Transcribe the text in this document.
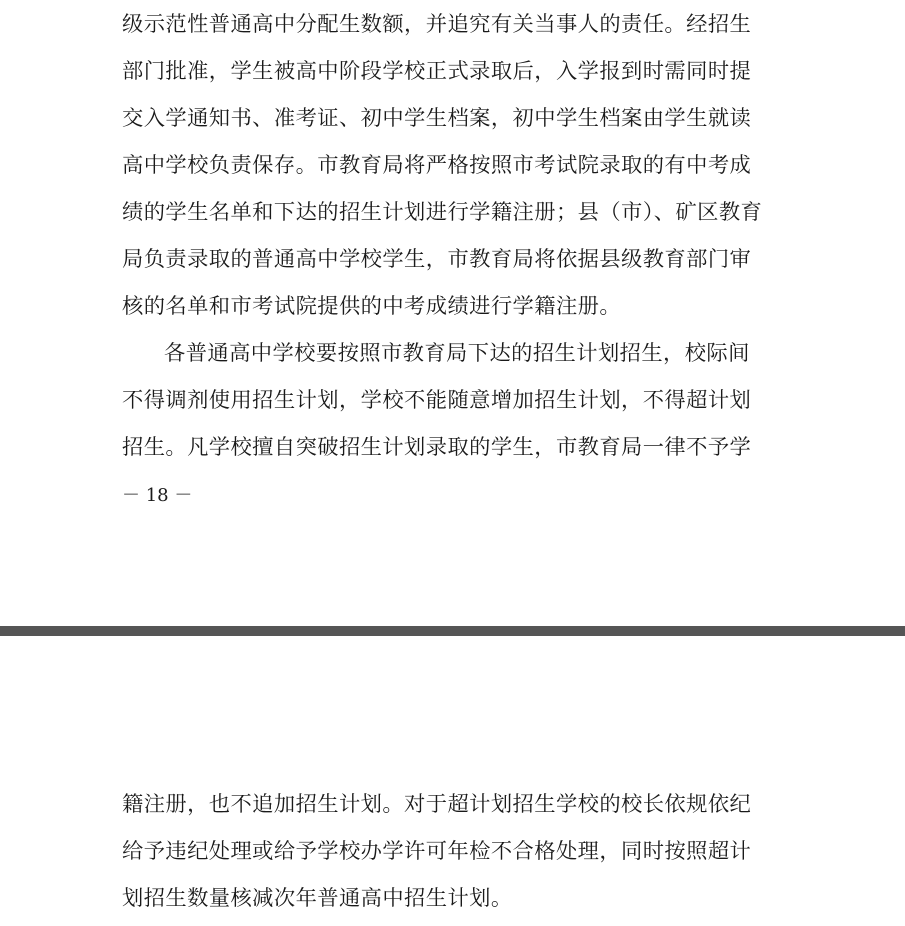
级示范性普通高中分配生数额，并追究有关当事人的责任。经招生
部门批准，学生被高中阶段学校正式录取后，入学报到时需同时提
交入学通知书、准考证、初中学生档案，初中学生档案由学生就读
高中学校负责保存。市教育局将严格按照市考试院录取的有中考成
绩的学生名单和下达的招生计划进行学籍注册；县（市）、矿区教育
局负责录取的普通高中学校学生，市教育局将依据县级教育部门审
核的名单和市考试院提供的中考成绩进行学籍注册。
各普通高中学校要按照市教育局下达的招生计划招生，校际间
不得调剂使用招生计划，学校不能随意增加招生计划，不得超计划
招生。凡学校擅自突破招生计划录取的学生，市教育局一律不予学
－ 18 －
籍注册，也不追加招生计划。对于超计划招生学校的校长依规依纪
给予违纪处理或给予学校办学许可年检不合格处理，同时按照超计
划招生数量核减次年普通高中招生计划。
